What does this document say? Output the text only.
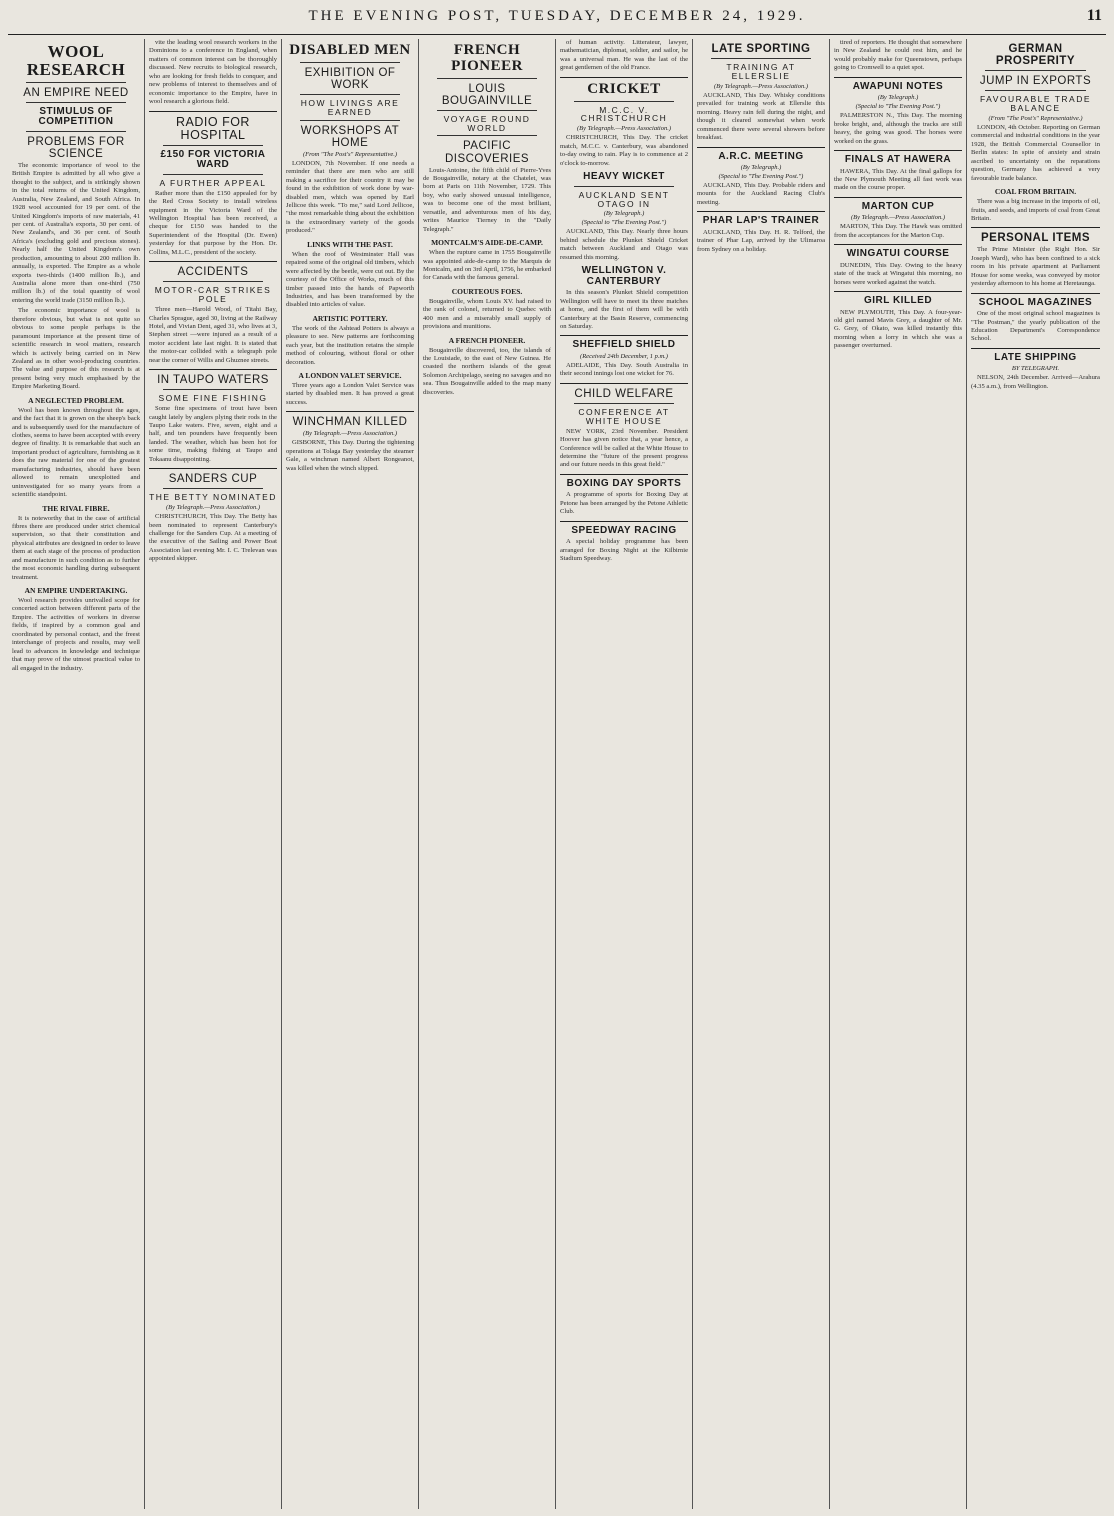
THE EVENING POST, TUESDAY, DECEMBER 24, 1929.	11
WOOL RESEARCH
AN EMPIRE NEED
STIMULUS OF COMPETITION
PROBLEMS FOR SCIENCE

The economic importance of wool to the British Empire is admitted by all who give a thought to the subject, and is strikingly shown in the total returns of the United Kingdom, Australia, New Zealand, and South Africa. In 1928 wool accounted for 19 per cent. of the United Kingdom's imports of raw materials, 41 per cent. of Australia's exports, 30 per cent. of New Zealand's, and 36 per cent. of South Africa's (excluding gold and precious stones). Nearly half the United Kingdom's own production, amounting to about 200 million lb. annually, is exported. The Empire as a whole exports two-thirds (1400 million lb.), and Australia alone more than one-third (750 million lb.) of the total quantity of wool entering the world trade (3150 million lb.).

The economic importance of wool is therefore obvious, but what is not quite so obvious to some people perhaps is the paramount importance at the present time of scientific research in wool matters, research which is actively being carried on in New Zealand as in other wool-producing countries. The value and purpose of this research is at present being very much emphasised by the Empire Marketing Board.

A NEGLECTED PROBLEM.

Wool has been known throughout the ages, and the fact that it is grown on the sheep's back and is subsequently used for the manufacture of clothes, seems to have been accepted with every degree of finality. It is remarkable that such an important product of agriculture, furnishing as it does the raw material for one of the greatest manufacturing industries, should have been allowed to remain unexploited and uninvestigated for so many years from a scientific standpoint.

THE RIVAL FIBRE.

It is noteworthy that in the case of artificial fibres there are produced under strict chemical supervision, so that their constitution and physical attributes are designed in order to leave them at each stage of the process of production and manufacture in such condition as to further the most economic handling during subsequent treatment.

AN EMPIRE UNDERTAKING.

Wool research provides unrivalled scope for concerted action between different parts of the Empire. The activities of workers in diverse fields, if inspired by a common goal and coordinated by personal contact, and the freest interchange of projects and results, may well lead to advances in knowledge and technique that may prove of the utmost practical value to all engaged in the industry.

vite the leading wool research workers in the Dominions to a conference in England, when matters of common interest can be thoroughly discussed. New recruits to biological research, who are looking for fresh fields to conquer, and new problems of interest to themselves and of economic importance to the Empire, have in wool research a glorious field.

RADIO FOR HOSPITAL
£150 FOR VICTORIA WARD
A FURTHER APPEAL

Rather more than the £150 appealed for by the Red Cross Society to install wireless equipment in the Victoria Ward of the Wellington Hospital has been received, a cheque for £150 was handed to the Superintendent of the Hospital (Dr. Ewen) yesterday for that purpose by the Hon. Dr. Collins, M.L.C., president of the society.

ACCIDENTS
MOTOR-CAR STRIKES POLE

Three men—Harold Wood, of Titahi Bay, Charles Sprague, aged 30, living at the Railway Hotel, and Vivian Dent, aged 31, who lives at 3, Stephen street —were injured as a result of a motor accident late last night. It is stated that the motor-car collided with a telegraph pole near the corner of Willis and Ghuznee streets.

IN TAUPO WATERS
SOME FINE FISHING

Some fine specimens of trout have been caught lately by anglers plying their rods in the Taupo Lake waters. Five, seven, eight and a half, and ten pounders have frequently been landed. The weather, which has been hot for some time, making fishing at Taupo and Tokaanu disappointing.

SANDERS CUP
THE BETTY NOMINATED
(By Telegraph.—Press Association.)

CHRISTCHURCH, This Day. The Betty has been nominated to represent Canterbury's challenge for the Sanders Cup. At a meeting of the executive of the Sailing and Power Boat Association last evening Mr. I. C. Trelevan was appointed skipper.

DISABLED MEN
EXHIBITION OF WORK
HOW LIVINGS ARE EARNED
WORKSHOPS AT HOME
(From "The Post's" Representative.)

LONDON, 7th November. If one needs a reminder that there are men who are still making a sacrifice for their country it may be found in the exhibition of work done by war-disabled men, which was opened by Earl Jellicoe this week. "To me," said Lord Jellicoe, "the most remarkable thing about the exhibition is the extraordinary variety of the goods produced."

LINKS WITH THE PAST.

When the roof of Westminster Hall was repaired some of the original old timbers, which were affected by the beetle, were cut out. By the courtesy of the Office of Works, much of this timber passed into the hands of Papworth Industries, and has been transformed by the disabled into articles of value.

ARTISTIC POTTERY.

The work of the Ashtead Potters is always a pleasure to see. New patterns are forthcoming each year, but the institution retains the simple method of colouring, without floral or other decoration.

A LONDON VALET SERVICE.

Three years ago a London Valet Service was started by disabled men. It has proved a great success.

WINCHMAN KILLED
(By Telegraph.—Press Association.)

GISBORNE, This Day. During the tightening operations at Tolaga Bay yesterday the steamer Gale, a winchman named Albert Rongeanot, was killed when the winch slipped.

FRENCH PIONEER
LOUIS BOUGAINVILLE
VOYAGE ROUND WORLD
PACIFIC DISCOVERIES

Louis-Antoine, the fifth child of Pierre-Yves de Bougainville, notary at the Chatelet, was born at Paris on 11th November, 1729. This boy, who early showed unusual intelligence, was to become one of the most brilliant, versatile, and adventurous men of his day, writes Maurice Tierney in the "Daily Telegraph."

MONTCALM'S AIDE-DE-CAMP.

When the rupture came in 1755 Bougainville was appointed aide-de-camp to the Marquis de Montcalm, and on 3rd April, 1756, he embarked for Canada with the famous general.

COURTEOUS FOES.

Bougainville, whom Louis XV. had raised to the rank of colonel, returned to Quebec with 400 men and a miserably small supply of provisions and munitions.

A FRENCH PIONEER.

Bougainville discovered, too, the islands of the Louisiade, to the east of New Guinea. He coasted the northern islands of the great Solomon Archipelago, seeing no savages and no sea. Thus Bougainville added to the map many discoveries.

of human activity. Litterateur, lawyer, mathematician, diplomat, soldier, and sailor, he was a universal man. He was the last of the great gentlemen of the old France.

CRICKET
M.C.C. V. CHRISTCHURCH
(By Telegraph.—Press Association.)

CHRISTCHURCH, This Day. The cricket match, M.C.C. v. Canterbury, was abandoned to-day owing to rain. Play is to commence at 2 o'clock to-morrow.

HEAVY WICKET
AUCKLAND SENT OTAGO IN
(By Telegraph.)
(Special to "The Evening Post.")

AUCKLAND, This Day. Nearly three hours behind schedule the Plunket Shield Cricket match between Auckland and Otago was resumed this morning.

WELLINGTON V. CANTERBURY

In this season's Plunket Shield competition Wellington will have to meet its three matches at home, and the first of them will be with Canterbury at the Basin Reserve, commencing on Saturday.

SHEFFIELD SHIELD
(Received 24th December, 1 p.m.)

ADELAIDE, This Day. South Australia in their second innings lost one wicket for 76.

CHILD WELFARE
CONFERENCE AT WHITE HOUSE

NEW YORK, 23rd November. President Hoover has given notice that, a year hence, a Conference will be called at the White House to determine the "future of the present progress and our future needs in this great field."

BOXING DAY SPORTS

A programme of sports for Boxing Day at Petone has been arranged by the Petone Athletic Club.

SPEEDWAY RACING

A special holiday programme has been arranged for Boxing Night at the Kilbirnie Stadium Speedway.

LATE SPORTING
TRAINING AT ELLERSLIE
(By Telegraph.—Press Association.)

AUCKLAND, This Day. Whisky conditions prevailed for training work at Ellerslie this morning. Heavy rain fell during the night, and though it cleared somewhat when work commenced there were several showers before breakfast.

A.R.C. MEETING
(By Telegraph.)
(Special to "The Evening Post.")

AUCKLAND, This Day. Probable riders and mounts for the Auckland Racing Club's meeting.

PHAR LAP'S TRAINER

AUCKLAND, This Day. H. R. Telford, the trainer of Phar Lap, arrived by the Ulimaroa from Sydney on a holiday.

tired of reporters. He thought that somewhere in New Zealand he could rest him, and he would probably make for Queenstown, perhaps going to Cromwell to a quiet spot.

AWAPUNI NOTES
(By Telegraph.)
(Special to "The Evening Post.")

PALMERSTON N., This Day. The morning broke bright, and, although the tracks are still heavy, the going was good. The horses were worked on the grass.

FINALS AT HAWERA

HAWERA, This Day. At the final gallops for the New Plymouth Meeting all fast work was made on the course proper.

MARTON CUP
(By Telegraph.—Press Association.)

MARTON, This Day. The Hawk was omitted from the acceptances for the Marton Cup.

WINGATUI COURSE

DUNEDIN, This Day. Owing to the heavy state of the track at Wingatui this morning, no horses were worked against the watch.

GIRL KILLED

NEW PLYMOUTH, This Day. A four-year-old girl named Mavis Grey, a daughter of Mr. G. Grey, of Okato, was killed instantly this morning when a lorry in which she was a passenger overturned.

GERMAN PROSPERITY
JUMP IN EXPORTS
FAVOURABLE TRADE BALANCE
(From "The Post's" Representative.)

LONDON, 4th October. Reporting on German commercial and industrial conditions in the year 1928, the British Commercial Counsellor in Berlin states: In spite of anxiety and strain ascribed to uncertainty on the reparations question, Germany has achieved a very favourable trade balance.

COAL FROM BRITAIN.

There was a big increase in the imports of oil, fruits, and seeds, and imports of coal from Great Britain.

PERSONAL ITEMS

The Prime Minister (the Right Hon. Sir Joseph Ward), who has been confined to a sick room in his private apartment at Parliament House for some weeks, was conveyed by motor yesterday afternoon to his home at Heretaunga.

SCHOOL MAGAZINES

One of the most original school magazines is "The Postman," the yearly publication of the Education Department's Correspondence School.

LATE SHIPPING
BY TELEGRAPH.

NELSON, 24th December. Arrived—Arahura (4.35 a.m.), from Wellington.
